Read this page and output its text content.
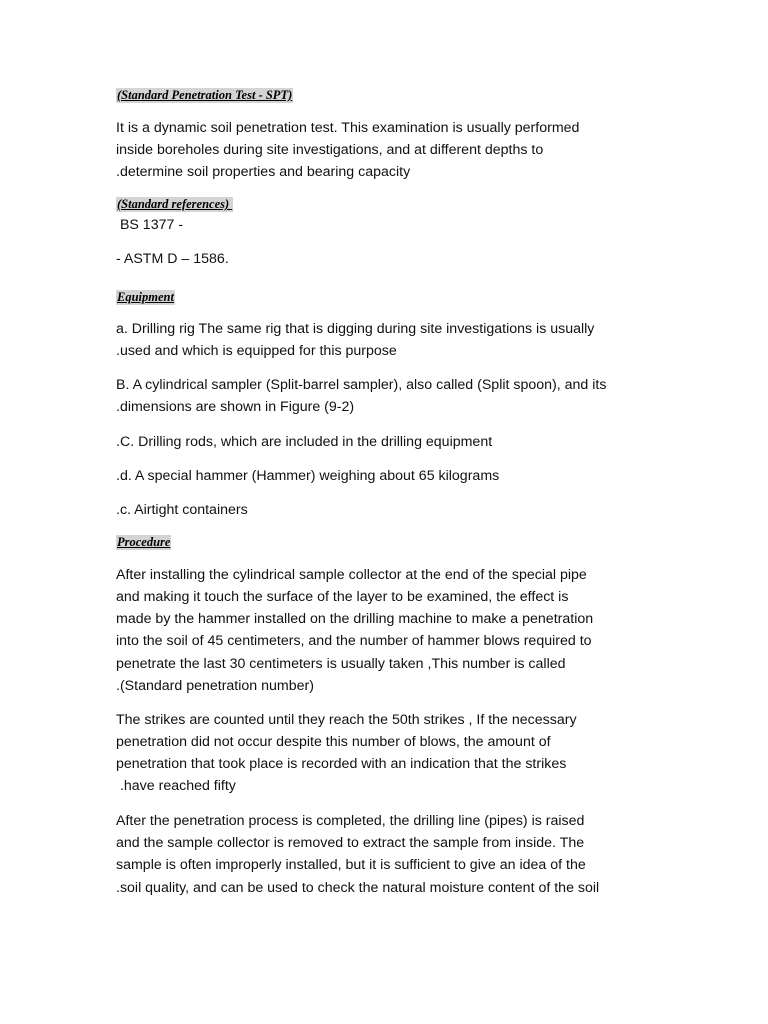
(Standard Penetration Test - SPT)
It is a dynamic soil penetration test. This examination is usually performed
inside boreholes during site investigations, and at different depths to
.determine soil properties and bearing capacity
(Standard references)
BS 1377 -
- ASTM D – 1586.
Equipment
a. Drilling rig The same rig that is digging during site investigations is usually
.used and which is equipped for this purpose
B. A cylindrical sampler (Split-barrel sampler), also called (Split spoon), and its
.dimensions are shown in Figure (9-2)
.C. Drilling rods, which are included in the drilling equipment
.d. A special hammer (Hammer) weighing about 65 kilograms
.c. Airtight containers
Procedure
After installing the cylindrical sample collector at the end of the special pipe
and making it touch the surface of the layer to be examined, the effect is
made by the hammer installed on the drilling machine to make a penetration
into the soil of 45 centimeters, and the number of hammer blows required to
penetrate the last 30 centimeters is usually taken ,This number is called
.(Standard penetration number)
The strikes are counted until they reach the 50th strikes , If the necessary
penetration did not occur despite this number of blows, the amount of
penetration that took place is recorded with an indication that the strikes
.have reached fifty
After the penetration process is completed, the drilling line (pipes) is raised
and the sample collector is removed to extract the sample from inside. The
sample is often improperly installed, but it is sufficient to give an idea of the
.soil quality, and can be used to check the natural moisture content of the soil
